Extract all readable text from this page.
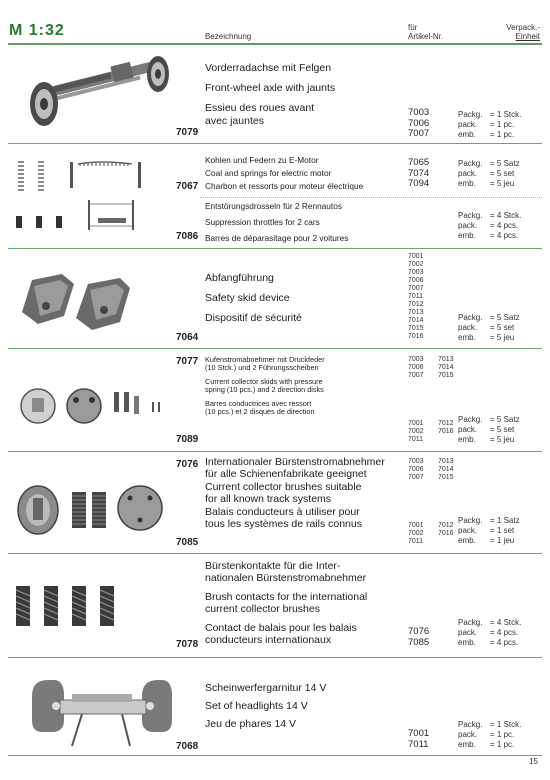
M 1:32	Bezeichnung
für
Artikel-Nr.
Verpack.-
Einheit
Vorderradachse mit Felgen
Front-wheel axle with jaunts
Essieu des roues avant
avec jauntes
7079
7003
7006
7007
Packg.
pack.
emb.
= 1 Stck.
= 1 pc.
= 1 pc.
Kohlen und Federn zu E-Motor
Coal and springs for electric motor
Charbon et ressorts pour moteur électrique
7067
7065
7074
7094
Packg.
pack.
emb.
= 5 Satz
= 5 set
= 5 jeu
Entstörungsdrosseln für 2 Rennautos
Suppression throttles for 2 cars
Barres de déparasitage pour 2 voitures
7086
Packg.
pack.
emb.
= 4 Stck.
= 4 pcs.
= 4 pcs.
Abfangführung
Safety skid device
Dispositif de sécurité
7064
7001
7002
7003
7006
7007
7011
7012
7013
7014
7015
7016
Packg.
pack.
emb.
= 5 Satz
= 5 set
= 5 jeu
7077 Kufenstromabnehmer mit Druckfeder
(10 Stck.) und 2 Führungsscheiben
Current collector skids with pressure
spring (10 pcs.) and 2 direction disks
Barres conductrices avec ressort
(10 pcs.) et 2 disques de direction
7089
7003
7006
7007
7013
7014
7015
7001
7002
7011
7012
7016
Packg.
pack.
emb.
= 5 Satz
= 5 set
= 5 jeu
7076 Internationaler Bürstenstromabnehmer
für alle Schienenfabrikate geeignet
Current collector brushes suitable
for all known track systems
Balais conducteurs à utiliser pour
tous les systèmes de rails connus
7085
7003
7006
7007
7013
7014
7015
7001
7002
7011
7012
7016
Packg.
pack.
emb.
= 1 Satz
= 1 set
= 1 jeu
Bürstenkontakte für die Inter-
nationalen Bürstenstromabnehmer
Brush contacts for the international
current collector brushes
Contact de balais pour les balais
conducteurs internationaux
7078
7076
7085
Packg.
pack.
emb.
= 4 Stck.
= 4 pcs.
= 4 pcs.
Scheinwerfergarnitur 14 V
Set of headlights 14 V
Jeu de phares 14 V
7068
7001
7011
Packg.
pack.
emb.
= 1 Stck.
= 1 pc.
= 1 pc.
15
